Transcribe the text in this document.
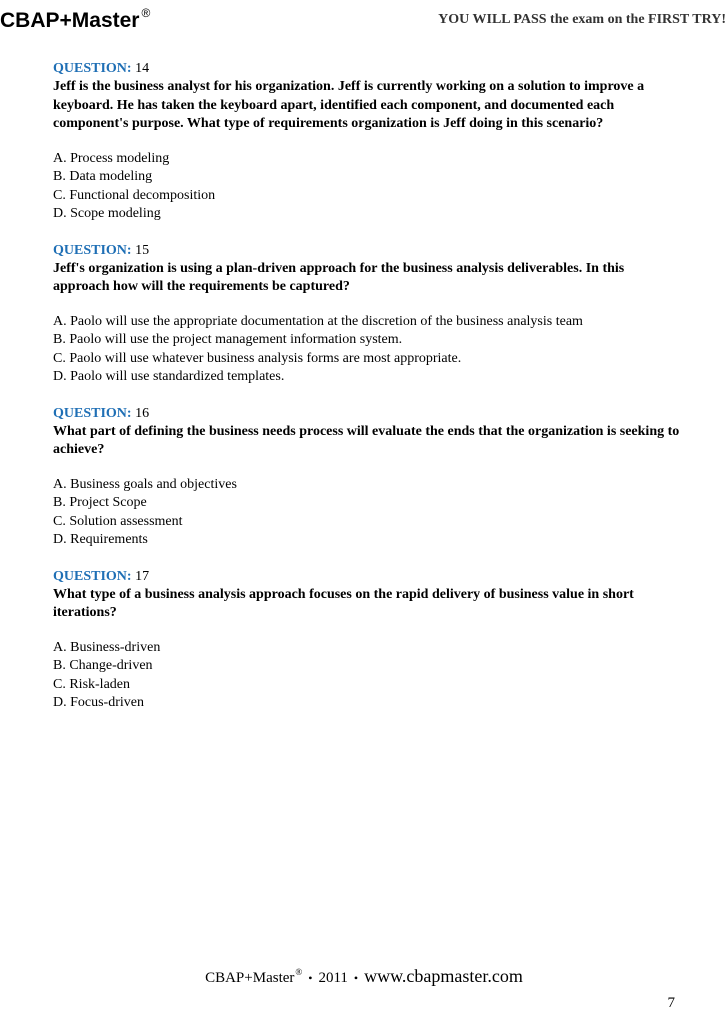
CBAP+Master ®	YOU WILL PASS the exam on the FIRST TRY!
QUESTION: 14

Jeff is the business analyst for his organization. Jeff is currently working on a solution to improve a keyboard. He has taken the keyboard apart, identified each component, and documented each component's purpose. What type of requirements organization is Jeff doing in this scenario?

A. Process modeling
B. Data modeling
C. Functional decomposition
D. Scope modeling
QUESTION: 15

Jeff's organization is using a plan-driven approach for the business analysis deliverables. In this approach how will the requirements be captured?

A. Paolo will use the appropriate documentation at the discretion of the business analysis team
B. Paolo will use the project management information system.
C. Paolo will use whatever business analysis forms are most appropriate.
D. Paolo will use standardized templates.
QUESTION: 16

What part of defining the business needs process will evaluate the ends that the organization is seeking to achieve?

A. Business goals and objectives
B. Project Scope
C. Solution assessment
D. Requirements
QUESTION: 17

What type of a business analysis approach focuses on the rapid delivery of business value in short iterations?

A. Business-driven
B. Change-driven
C. Risk-laden
D. Focus-driven
CBAP+Master® • 2011 • www.cbapmaster.com
7
